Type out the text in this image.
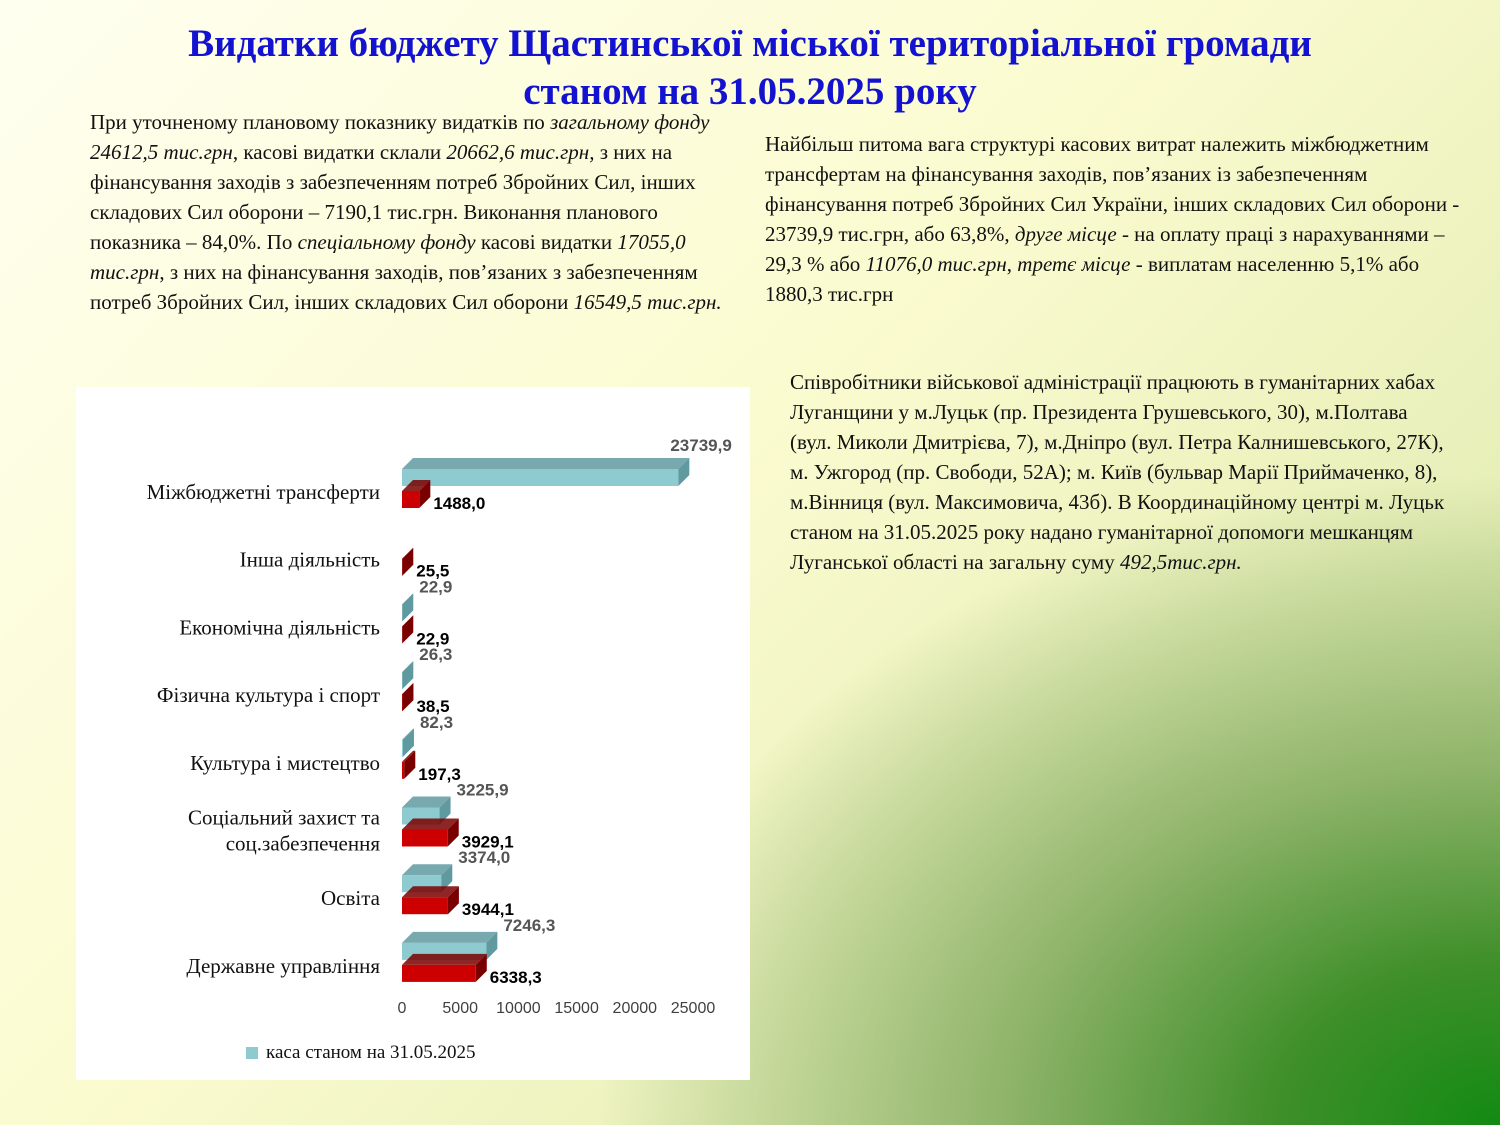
Видатки бюджету Щастинської міської територіальної громади
станом на 31.05.2025 року
При уточненому плановому показнику видатків по загальному фонду 24612,5 тис.грн, касові видатки склали 20662,6 тис.грн, з них на фінансування заходів з забезпеченням потреб Збройних Сил, інших складових Сил оборони – 7190,1 тис.грн. Виконання планового показника – 84,0%. По спеціальному фонду касові видатки 17055,0 тис.грн, з них на фінансування заходів, пов’язаних з забезпеченням потреб Збройних Сил, інших складових Сил оборони 16549,5 тис.грн.
Найбільш питома вага структурі касових витрат належить міжбюджетним трансфертам на фінансування заходів, пов’язаних із забезпеченням фінансування потреб Збройних Сил України, інших складових Сил оборони - 23739,9 тис.грн, або 63,8%, друге місце - на оплату праці з нарахуваннями – 29,3 % або 11076,0 тис.грн, третє місце - виплатам населенню 5,1% або 1880,3 тис.грн
Співробітники військової адміністрації працюють в гуманітарних хабах Луганщини у м.Луцьк (пр. Президента Грушевського, 30), м.Полтава (вул. Миколи Дмитрієва, 7), м.Дніпро (вул. Петра Калнишевського, 27К), м. Ужгород (пр. Свободи, 52А); м. Київ (бульвар Марії Приймаченко, 8), м.Вінниця (вул. Максимовича, 43б). В Координаційному центрі м. Луцьк станом на 31.05.2025 року надано гуманітарної допомоги мешканцям Луганської області на загальну суму 492,5тис.грн.
Міжбюджетні трансферти
23739,9
1488,0
Інша діяльність 25,5
Економічна діяльність
22,9
22,9
Фізична культура і спорт
26,3
38,5
Культура і мистецтво
82,3
197,3
Соціальний захист та
соц.забезпечення
3225,9
3929,1
Освіта
3374,0
3944,1
Державне управління
7246,3
6338,3
0 5000 10000 15000 20000 25000
каса станом на 31.05.2025
